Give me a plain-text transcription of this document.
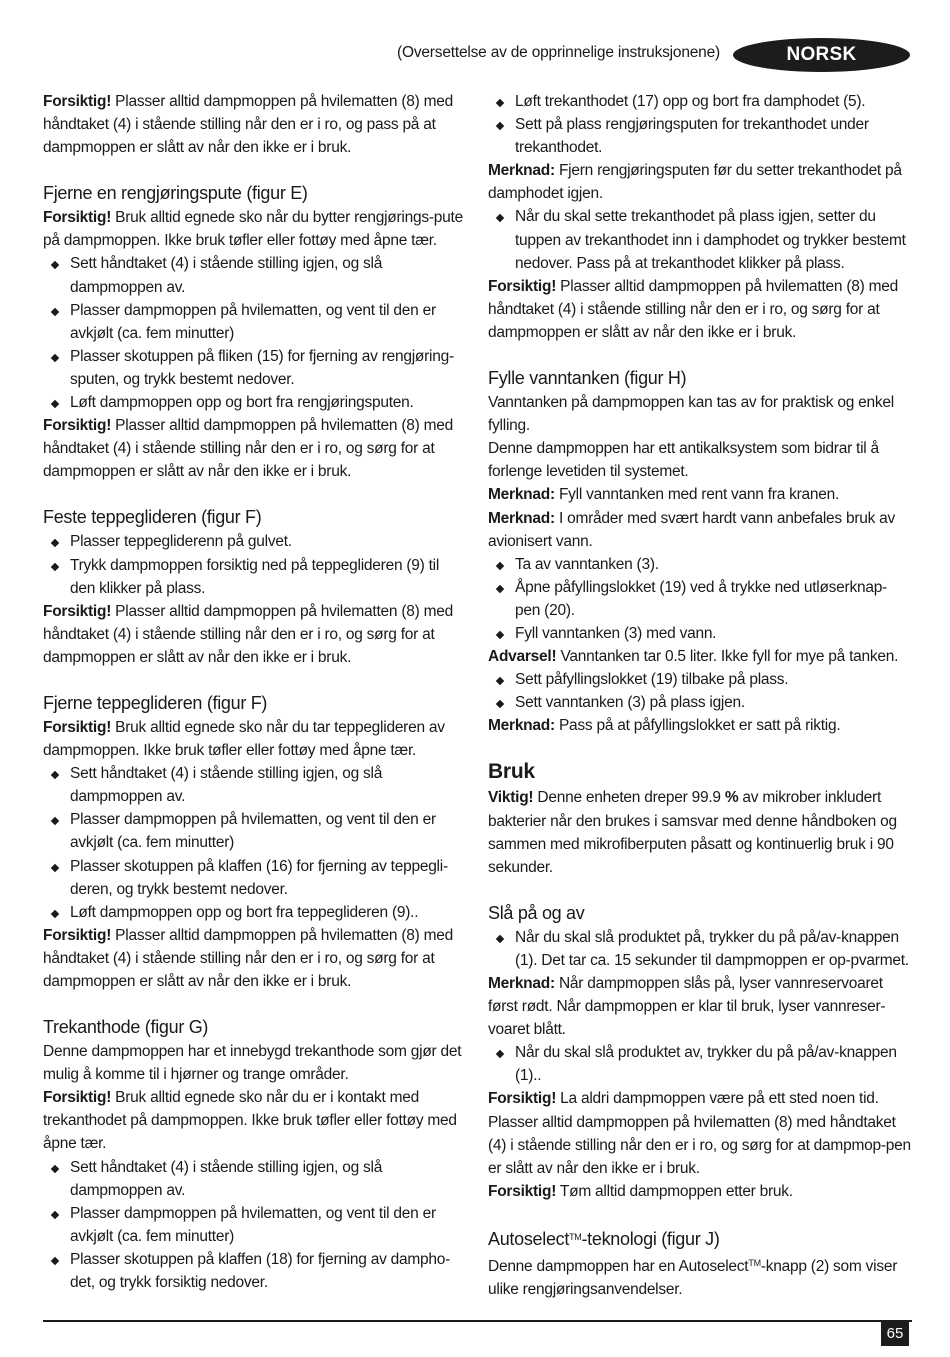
(Oversettelse av de opprinnelige instruksjonene)	NORSK

Forsiktig! Plasser alltid dampmoppen på hvilematten (8) med håndtaket (4) i stående stilling når den er i ro, og pass på at dampmoppen er slått av når den ikke er i bruk.

Fjerne en rengjøringspute (figur E)

Forsiktig! Bruk alltid egnede sko når du bytter rengjørings-pute på dampmoppen. Ikke bruk tøfler eller fottøy med åpne tær.

Sett håndtaket (4) i stående stilling igjen, og slå dampmoppen av.
Plasser dampmoppen på hvilematten, og vent til den er avkjølt (ca. fem minutter)
Plasser skotuppen på fliken (15) for fjerning av rengjøring-sputen, og trykk bestemt nedover.
Løft dampmoppen opp og bort fra rengjøringsputen.

Forsiktig! Plasser alltid dampmoppen på hvilematten (8) med håndtaket (4) i stående stilling når den er i ro, og sørg for at dampmoppen er slått av når den ikke er i bruk.

Feste teppeglideren (figur F)
Plasser teppegliderenn på gulvet.
Trykk dampmoppen forsiktig ned på teppeglideren (9) til den klikker på plass.

Forsiktig! Plasser alltid dampmoppen på hvilematten (8) med håndtaket (4) i stående stilling når den er i ro, og sørg for at dampmoppen er slått av når den ikke er i bruk.

Fjerne teppeglideren (figur F)

Forsiktig! Bruk alltid egnede sko når du tar teppeglideren av dampmoppen. Ikke bruk tøfler eller fottøy med åpne tær.

Sett håndtaket (4) i stående stilling igjen, og slå dampmoppen av.
Plasser dampmoppen på hvilematten, og vent til den er avkjølt (ca. fem minutter)
Plasser skotuppen på klaffen (16) for fjerning av teppegli-deren, og trykk bestemt nedover.
Løft dampmoppen opp og bort fra teppeglideren (9)..

Forsiktig! Plasser alltid dampmoppen på hvilematten (8) med håndtaket (4) i stående stilling når den er i ro, og sørg for at dampmoppen er slått av når den ikke er i bruk.

Trekanthode (figur G)

Denne dampmoppen har et innebygd trekanthode som gjør det mulig å komme til i hjørner og trange områder.

Forsiktig! Bruk alltid egnede sko når du er i kontakt med trekanthodet på dampmoppen. Ikke bruk tøfler eller fottøy med åpne tær.

Sett håndtaket (4) i stående stilling igjen, og slå dampmoppen av.
Plasser dampmoppen på hvilematten, og vent til den er avkjølt (ca. fem minutter)
Plasser skotuppen på klaffen (18) for fjerning av dampho-det, og trykk forsiktig nedover.
Løft trekanthodet (17) opp og bort fra damphodet (5).
Sett på plass rengjøringsputen for trekanthodet under trekanthodet.

Merknad: Fjern rengjøringsputen før du setter trekanthodet på damphodet igjen.

Når du skal sette trekanthodet på plass igjen, setter du tuppen av trekanthodet inn i damphodet og trykker bestemt nedover. Pass på at trekanthodet klikker på plass.

Forsiktig! Plasser alltid dampmoppen på hvilematten (8) med håndtaket (4) i stående stilling når den er i ro, og sørg for at dampmoppen er slått av når den ikke er i bruk.

Fylle vanntanken (figur H)

Vanntanken på dampmoppen kan tas av for praktisk og enkel fylling.

Denne dampmoppen har ett antikalksystem som bidrar til å forlenge levetiden til systemet.

Merknad: Fyll vanntanken med rent vann fra kranen.

Merknad: I områder med svært hardt vann anbefales bruk av avionisert vann.

Ta av vanntanken (3).
Åpne påfyllingslokket (19) ved å trykke ned utløserknap-pen (20).
Fyll vanntanken (3) med vann.

Advarsel! Vanntanken tar 0.5 liter. Ikke fyll for mye på tanken.

Sett påfyllingslokket (19) tilbake på plass.
Sett vanntanken (3) på plass igjen.

Merknad: Pass på at påfyllingslokket er satt på riktig.

Bruk

Viktig! Denne enheten dreper 99.9 % av mikrober inkludert bakterier når den brukes i samsvar med denne håndboken og sammen med mikrofiberputen påsatt og kontinuerlig bruk i 90 sekunder.

Slå på og av
Når du skal slå produktet på, trykker du på på/av-knappen (1). Det tar ca. 15 sekunder til dampmoppen er op-pvarmet.

Merknad: Når dampmoppen slås på, lyser vannreservoaret først rødt. Når dampmoppen er klar til bruk, lyser vannreser-voaret blått.

Når du skal slå produktet av, trykker du på på/av-knappen (1)..

Forsiktig! La aldri dampmoppen være på ett sted noen tid. Plasser alltid dampmoppen på hvilematten (8) med håndtaket (4) i stående stilling når den er i ro, og sørg for at dampmop-pen er slått av når den ikke er i bruk.

Forsiktig! Tøm alltid dampmoppen etter bruk.

Autoselect™-teknologi (figur J)

Denne dampmoppen har en Autoselect™-knapp (2) som viser ulike rengjøringsanvendelser.

65
